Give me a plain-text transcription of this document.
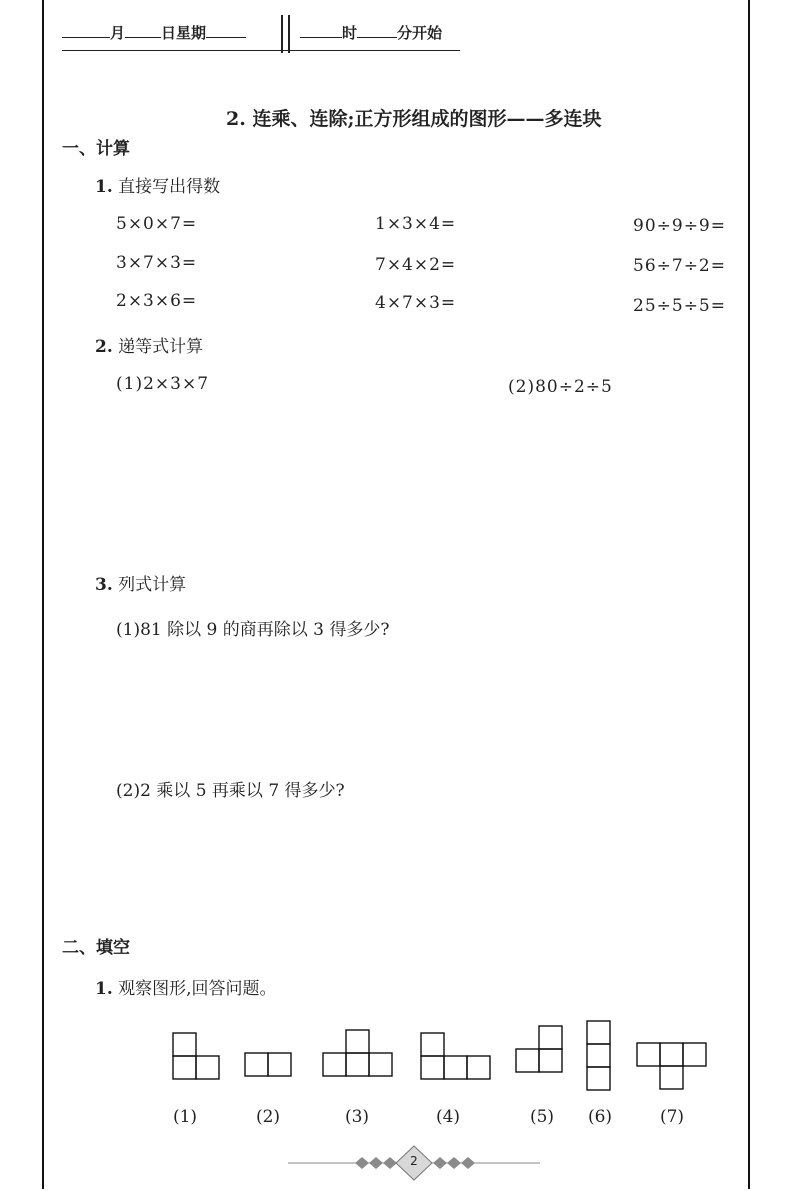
月 日星期	时	分开始
2. 连乘、连除;正方形组成的图形——多连块
一、计算
1. 直接写出得数
5×0×7=	1×3×4=	90÷9÷9=
3×7×3=	7×4×2=	56÷7÷2=
2×3×6=	4×7×3=	25÷5÷5=
2. 递等式计算
(1)2×3×7	(2)80÷2÷5
3. 列式计算
(1)81 除以 9 的商再除以 3 得多少?
(2)2 乘以 5 再乘以 7 得多少?
二、填空
1. 观察图形,回答问题。
(1)	(2)	(3)	(4)	(5)	(6)	(7)
2
